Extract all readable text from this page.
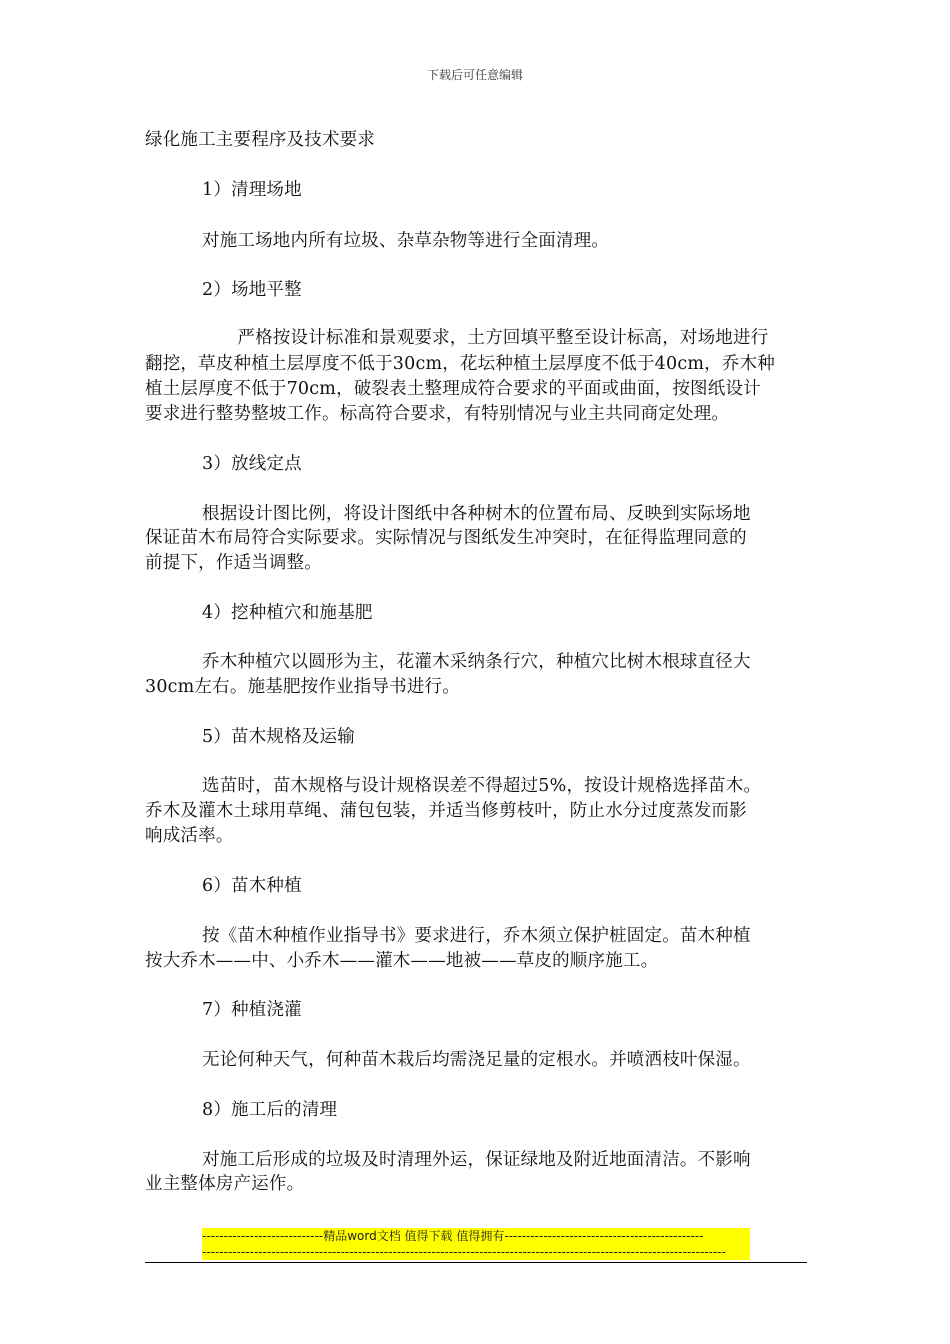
下载后可任意编辑
绿化施工主要程序及技术要求
1）清理场地
对施工场地内所有垃圾、杂草杂物等进行全面清理。
2）场地平整
　　严格按设计标准和景观要求，土方回填平整至设计标高，对场地进行
翻挖，草皮种植土层厚度不低于30cm，花坛种植土层厚度不低于40cm，乔木种
植土层厚度不低于70cm，破裂表土整理成符合要求的平面或曲面，按图纸设计
要求进行整势整坡工作。标高符合要求，有特别情况与业主共同商定处理。
3）放线定点
根据设计图比例，将设计图纸中各种树木的位置布局、反映到实际场地
保证苗木布局符合实际要求。实际情况与图纸发生冲突时，在征得监理同意的
前提下，作适当调整。
4）挖种植穴和施基肥
乔木种植穴以圆形为主，花灌木采纳条行穴，种植穴比树木根球直径大
30cm左右。施基肥按作业指导书进行。
5）苗木规格及运输
选苗时，苗木规格与设计规格误差不得超过5%，按设计规格选择苗木。
乔木及灌木土球用草绳、蒲包包装，并适当修剪枝叶，防止水分过度蒸发而影
响成活率。
6）苗木种植
按《苗木种植作业指导书》要求进行，乔木须立保护桩固定。苗木种植
按大乔木——中、小乔木——灌木——地被——草皮的顺序施工。
7）种植浇灌
无论何种天气，何种苗木栽后均需浇足量的定根水。并喷洒枝叶保湿。
8）施工后的清理
对施工后形成的垃圾及时清理外运，保证绿地及附近地面清洁。不影响
业主整体房产运作。
----------------------------精品word文档 值得下载 值得拥有----------------------------------------------
-------------------------------------------------------------------------------------------------------------------------
